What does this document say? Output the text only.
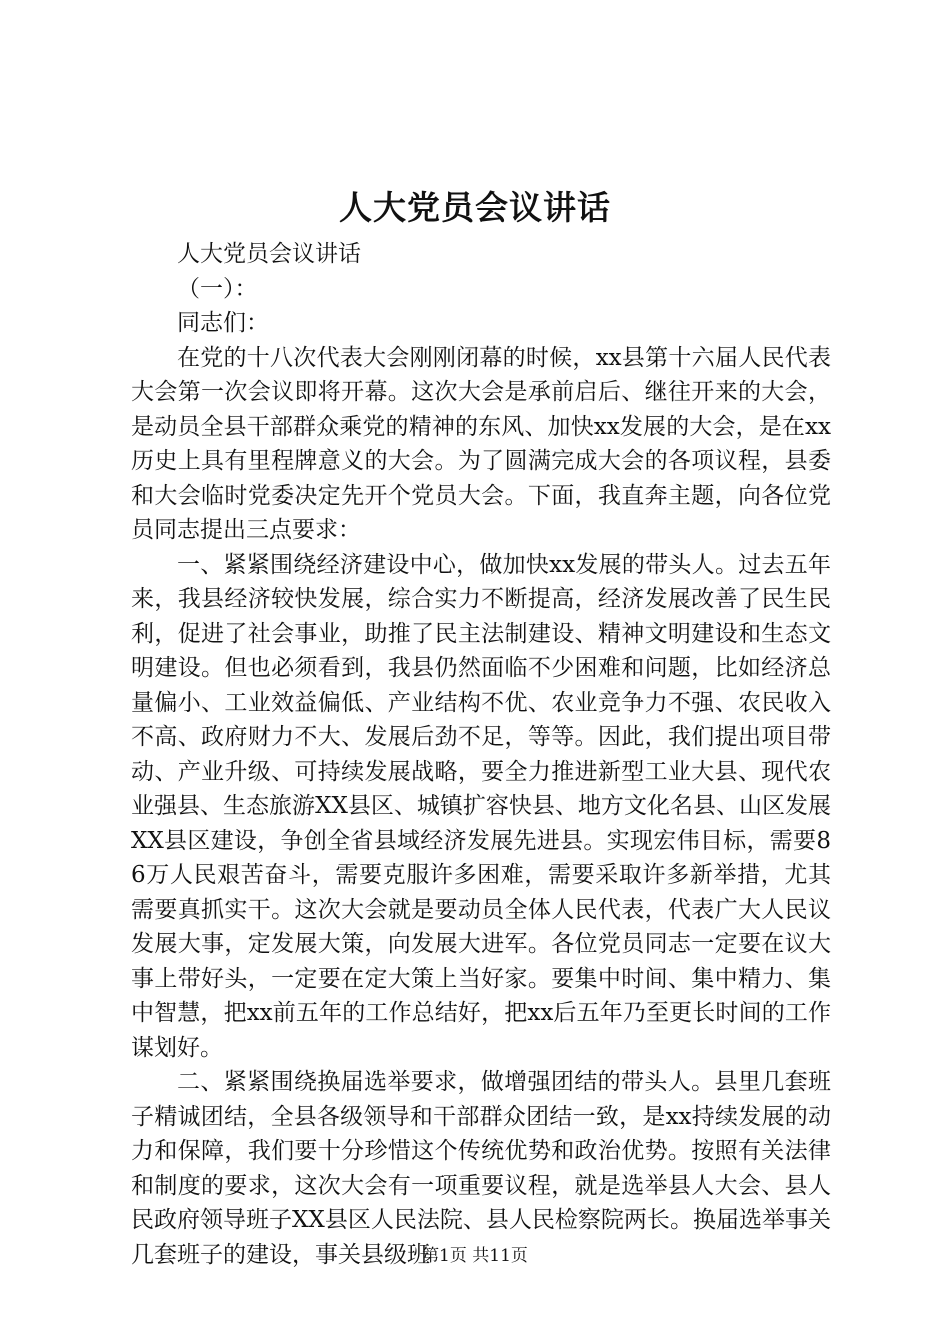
人大党员会议讲话

人大党员会议讲话

（一）：

同志们：

在党的十八次代表大会刚刚闭幕的时候，xx县第十六届人民代表大会第一次会议即将开幕。这次大会是承前启后、继往开来的大会，是动员全县干部群众乘党的精神的东风、加快xx发展的大会，是在xx历史上具有里程牌意义的大会。为了圆满完成大会的各项议程，县委和大会临时党委决定先开个党员大会。下面，我直奔主题，向各位党员同志提出三点要求：

一、紧紧围绕经济建设中心，做加快xx发展的带头人。过去五年来，我县经济较快发展，综合实力不断提高，经济发展改善了民生民利，促进了社会事业，助推了民主法制建设、精神文明建设和生态文明建设。但也必须看到，我县仍然面临不少困难和问题，比如经济总量偏小、工业效益偏低、产业结构不优、农业竞争力不强、农民收入不高、政府财力不大、发展后劲不足，等等。因此，我们提出项目带动、产业升级、可持续发展战略，要全力推进新型工业大县、现代农业强县、生态旅游XX县区、城镇扩容快县、地方文化名县、山区发展XX县区建设，争创全省县域经济发展先进县。实现宏伟目标，需要86万人民艰苦奋斗，需要克服许多困难，需要采取许多新举措，尤其需要真抓实干。这次大会就是要动员全体人民代表，代表广大人民议发展大事，定发展大策，向发展大进军。各位党员同志一定要在议大事上带好头，一定要在定大策上当好家。要集中时间、集中精力、集中智慧，把xx前五年的工作总结好，把xx后五年乃至更长时间的工作谋划好。

二、紧紧围绕换届选举要求，做增强团结的带头人。县里几套班子精诚团结，全县各级领导和干部群众团结一致，是xx持续发展的动力和保障，我们要十分珍惜这个传统优势和政治优势。按照有关法律和制度的要求，这次大会有一项重要议程，就是选举县人大会、县人民政府领导班子XX县区人民法院、县人民检察院两长。换届选举事关几套班子的建设，事关县级班

第1页 共11页
